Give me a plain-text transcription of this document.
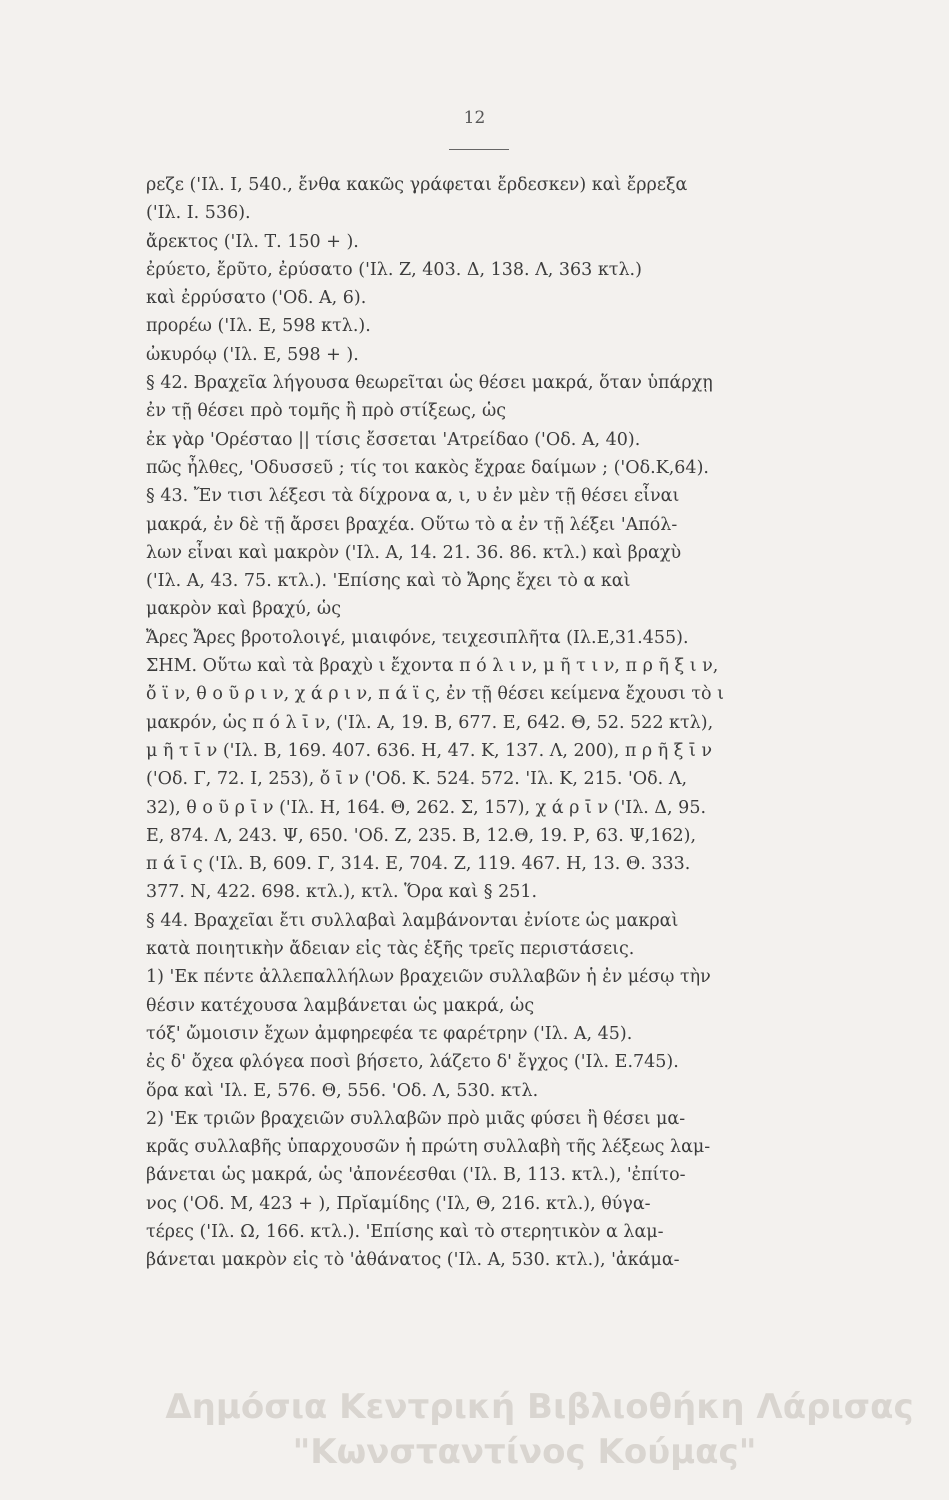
12
ρεζε ('Ιλ. Ι, 540., ἔνθα κακῶς γράφεται ἔρδεσκεν) καὶ ἔρρεξα
('Ιλ. Ι. 536).
ἄρεκτος ('Ιλ. Τ. 150 + ).
ἐρύετο, ἔρῦτο, ἐρύσατο ('Ιλ. Ζ, 403. Δ, 138. Λ, 363 κτλ.)
καὶ ἐρρύσατο ('Οδ. Α, 6).
προρέω ('Ιλ. Ε, 598 κτλ.).
ὠκυρόῳ ('Ιλ. Ε, 598 + ).
§ 42. Βραχεῖα λήγουσα θεωρεῖται ὡς θέσει μακρά, ὅταν ὑπάρχῃ
ἐν τῇ θέσει πρὸ τομῆς ἢ πρὸ στίξεως, ὡς
ἐκ γὰρ 'Ορέσταο || τίσις ἔσσεται 'Ατρείδαο ('Οδ. Α, 40).
πῶς ἦλθες, 'Οδυσσεῦ ; τίς τοι κακὸς ἔχραε δαίμων ; ('Οδ.Κ,64).
§ 43. Ἔν τισι λέξεσι τὰ δίχρονα α, ι, υ ἐν μὲν τῇ θέσει εἶναι
μακρά, ἐν δὲ τῇ ἄρσει βραχέα. Οὕτω τὸ α ἐν τῇ λέξει 'Απόλ-
λων εἶναι καὶ μακρὸν ('Ιλ. Α, 14. 21. 36. 86. κτλ.) καὶ βραχὺ
('Ιλ. Α, 43. 75. κτλ.). 'Επίσης καὶ τὸ Ἄρης ἔχει τὸ α καὶ
μακρὸν καὶ βραχύ, ὡς
Ἄρες Ἄρες βροτολοιγέ, μιαιφόνε, τειχεσιπλῆτα (Ιλ.Ε,31.455).
ΣΗΜ. Οὕτω καὶ τὰ βραχὺ ι ἔχοντα π ό λ ι ν, μ ῆ τ ι ν, π ρ ῆ ξ ι ν,
ὄ ϊ ν, θ ο ῦ ρ ι ν, χ ά ρ ι ν, π ά ϊ ς, ἐν τῇ θέσει κείμενα ἔχουσι τὸ ι
μακρόν, ὡς π ό λ ῑ ν, ('Ιλ. Α, 19. Β, 677. Ε, 642. Θ, 52. 522 κτλ),
μ ῆ τ ῑ ν ('Ιλ. Β, 169. 407. 636. Η, 47. Κ, 137. Λ, 200), π ρ ῆ ξ ῑ ν
('Οδ. Γ, 72. Ι, 253), ὄ ῑ ν ('Οδ. Κ. 524. 572. 'Ιλ. Κ, 215. 'Οδ. Λ,
32), θ ο ῦ ρ ῑ ν ('Ιλ. Η, 164. Θ, 262. Σ, 157), χ ά ρ ῑ ν ('Ιλ. Δ, 95.
Ε, 874. Λ, 243. Ψ, 650. 'Οδ. Ζ, 235. Β, 12.Θ, 19. Ρ, 63. Ψ,162),
π ά ῑ ς ('Ιλ. Β, 609. Γ, 314. Ε, 704. Ζ, 119. 467. Η, 13. Θ. 333.
377. Ν, 422. 698. κτλ.), κτλ. Ὅρα καὶ § 251.
§ 44. Βραχεῖαι ἔτι συλλαβαὶ λαμβάνονται ἐνίοτε ὡς μακραὶ
κατὰ ποιητικὴν ἄδειαν εἰς τὰς ἑξῆς τρεῖς περιστάσεις.
1) 'Εκ πέντε ἀλλεπαλλήλων βραχειῶν συλλαβῶν ἡ ἐν μέσῳ τὴν
θέσιν κατέχουσα λαμβάνεται ὡς μακρά, ὡς
τόξ' ὤμοισιν ἔχων ἀμφηρεφέα τε φαρέτρην ('Ιλ. Α, 45).
ἐς δ' ὄχεα φλόγεα ποσὶ βήσετο, λάζετο δ' ἔγχος ('Ιλ. Ε.745).
ὅρα καὶ 'Ιλ. Ε, 576. Θ, 556. 'Οδ. Λ, 530. κτλ.
2) 'Εκ τριῶν βραχειῶν συλλαβῶν πρὸ μιᾶς φύσει ἢ θέσει μα-
κρᾶς συλλαβῆς ὑπαρχουσῶν ἡ πρώτη συλλαβὴ τῆς λέξεως λαμ-
βάνεται ὡς μακρά, ὡς 'ἀπονέεσθαι ('Ιλ. Β, 113. κτλ.), 'ἐπίτο-
νος ('Οδ. Μ, 423 + ), Πρῐαμίδης ('Ιλ, Θ, 216. κτλ.), θύγα-
τέρες ('Ιλ. Ω, 166. κτλ.). 'Επίσης καὶ τὸ στερητικὸν α λαμ-
βάνεται μακρὸν εἰς τὸ 'ἀθάνατος ('Ιλ. Α, 530. κτλ.), 'ἀκάμα-
Δημόσια Κεντρική Βιβλιοθήκη Λάρισας
"Κωνσταντίνος Κούμας"
